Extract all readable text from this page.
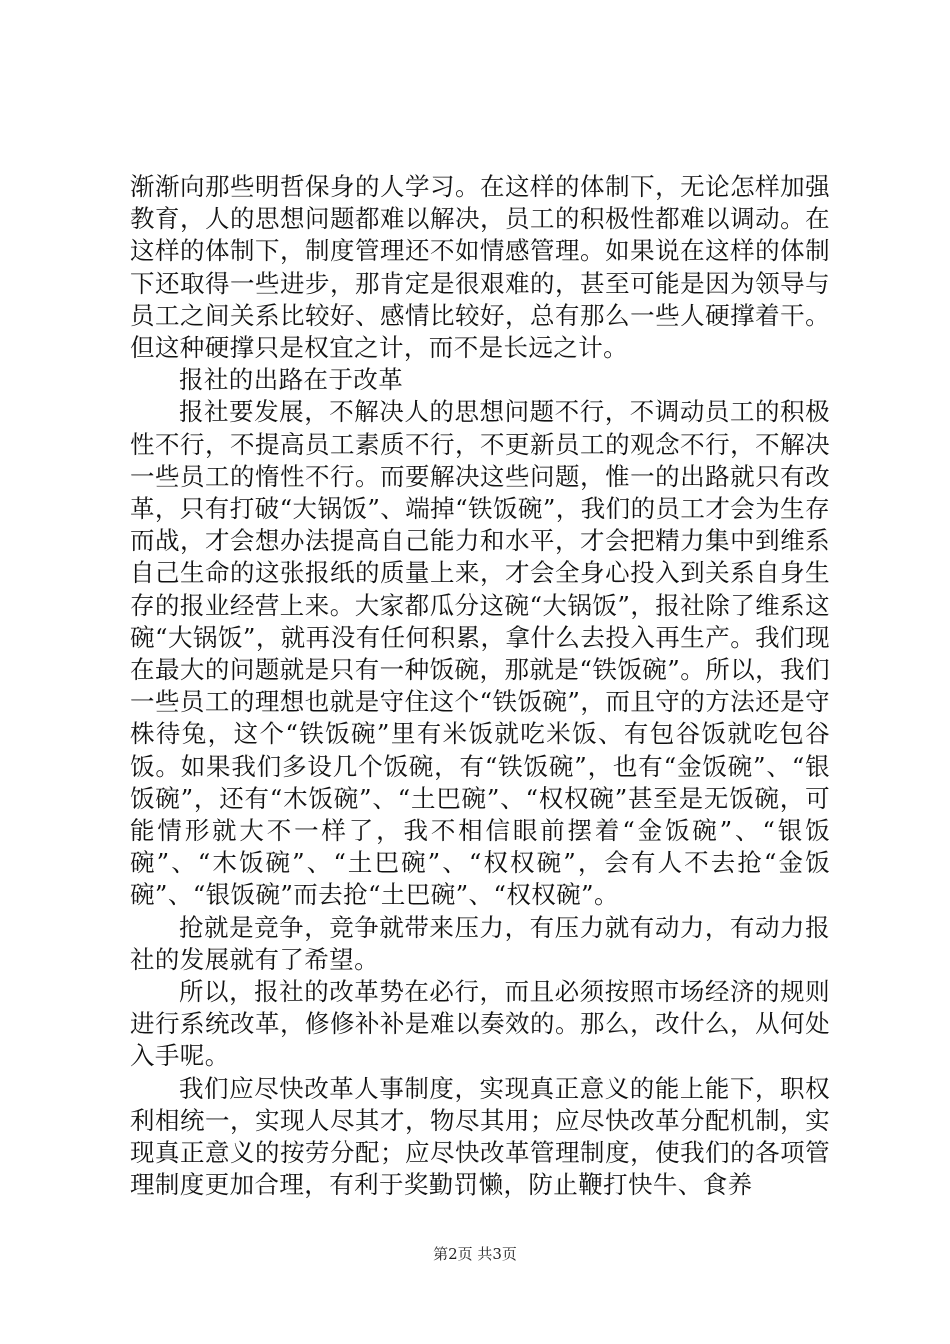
渐渐向那些明哲保身的人学习。在这样的体制下，无论怎样加强教育，人的思想问题都难以解决，员工的积极性都难以调动。在这样的体制下，制度管理还不如情感管理。如果说在这样的体制下还取得一些进步，那肯定是很艰难的，甚至可能是因为领导与员工之间关系比较好、感情比较好，总有那么一些人硬撑着干。但这种硬撑只是权宜之计，而不是长远之计。

报社的出路在于改革

报社要发展，不解决人的思想问题不行，不调动员工的积极性不行，不提高员工素质不行，不更新员工的观念不行，不解决一些员工的惰性不行。而要解决这些问题，惟一的出路就只有改革，只有打破“大锅饭”、端掉“铁饭碗”，我们的员工才会为生存而战，才会想办法提高自己能力和水平，才会把精力集中到维系自己生命的这张报纸的质量上来，才会全身心投入到关系自身生存的报业经营上来。大家都瓜分这碗“大锅饭”，报社除了维系这碗“大锅饭”，就再没有任何积累，拿什么去投入再生产。我们现在最大的问题就是只有一种饭碗，那就是“铁饭碗”。所以，我们一些员工的理想也就是守住这个“铁饭碗”，而且守的方法还是守株待兔，这个“铁饭碗”里有米饭就吃米饭、有包谷饭就吃包谷饭。如果我们多设几个饭碗，有“铁饭碗”，也有“金饭碗”、“银饭碗”，还有“木饭碗”、“土巴碗”、“权权碗”甚至是无饭碗，可能情形就大不一样了，我不相信眼前摆着“金饭碗”、“银饭碗”、“木饭碗”、“土巴碗”、“权权碗”，会有人不去抢“金饭碗”、“银饭碗”而去抢“土巴碗”、“权权碗”。

抢就是竞争，竞争就带来压力，有压力就有动力，有动力报社的发展就有了希望。

所以，报社的改革势在必行，而且必须按照市场经济的规则进行系统改革，修修补补是难以奏效的。那么，改什么，从何处入手呢。

我们应尽快改革人事制度，实现真正意义的能上能下，职权利相统一，实现人尽其才，物尽其用；应尽快改革分配机制，实现真正意义的按劳分配；应尽快改革管理制度，使我们的各项管理制度更加合理，有利于奖勤罚懒，防止鞭打快牛、食养

第2页 共3页
